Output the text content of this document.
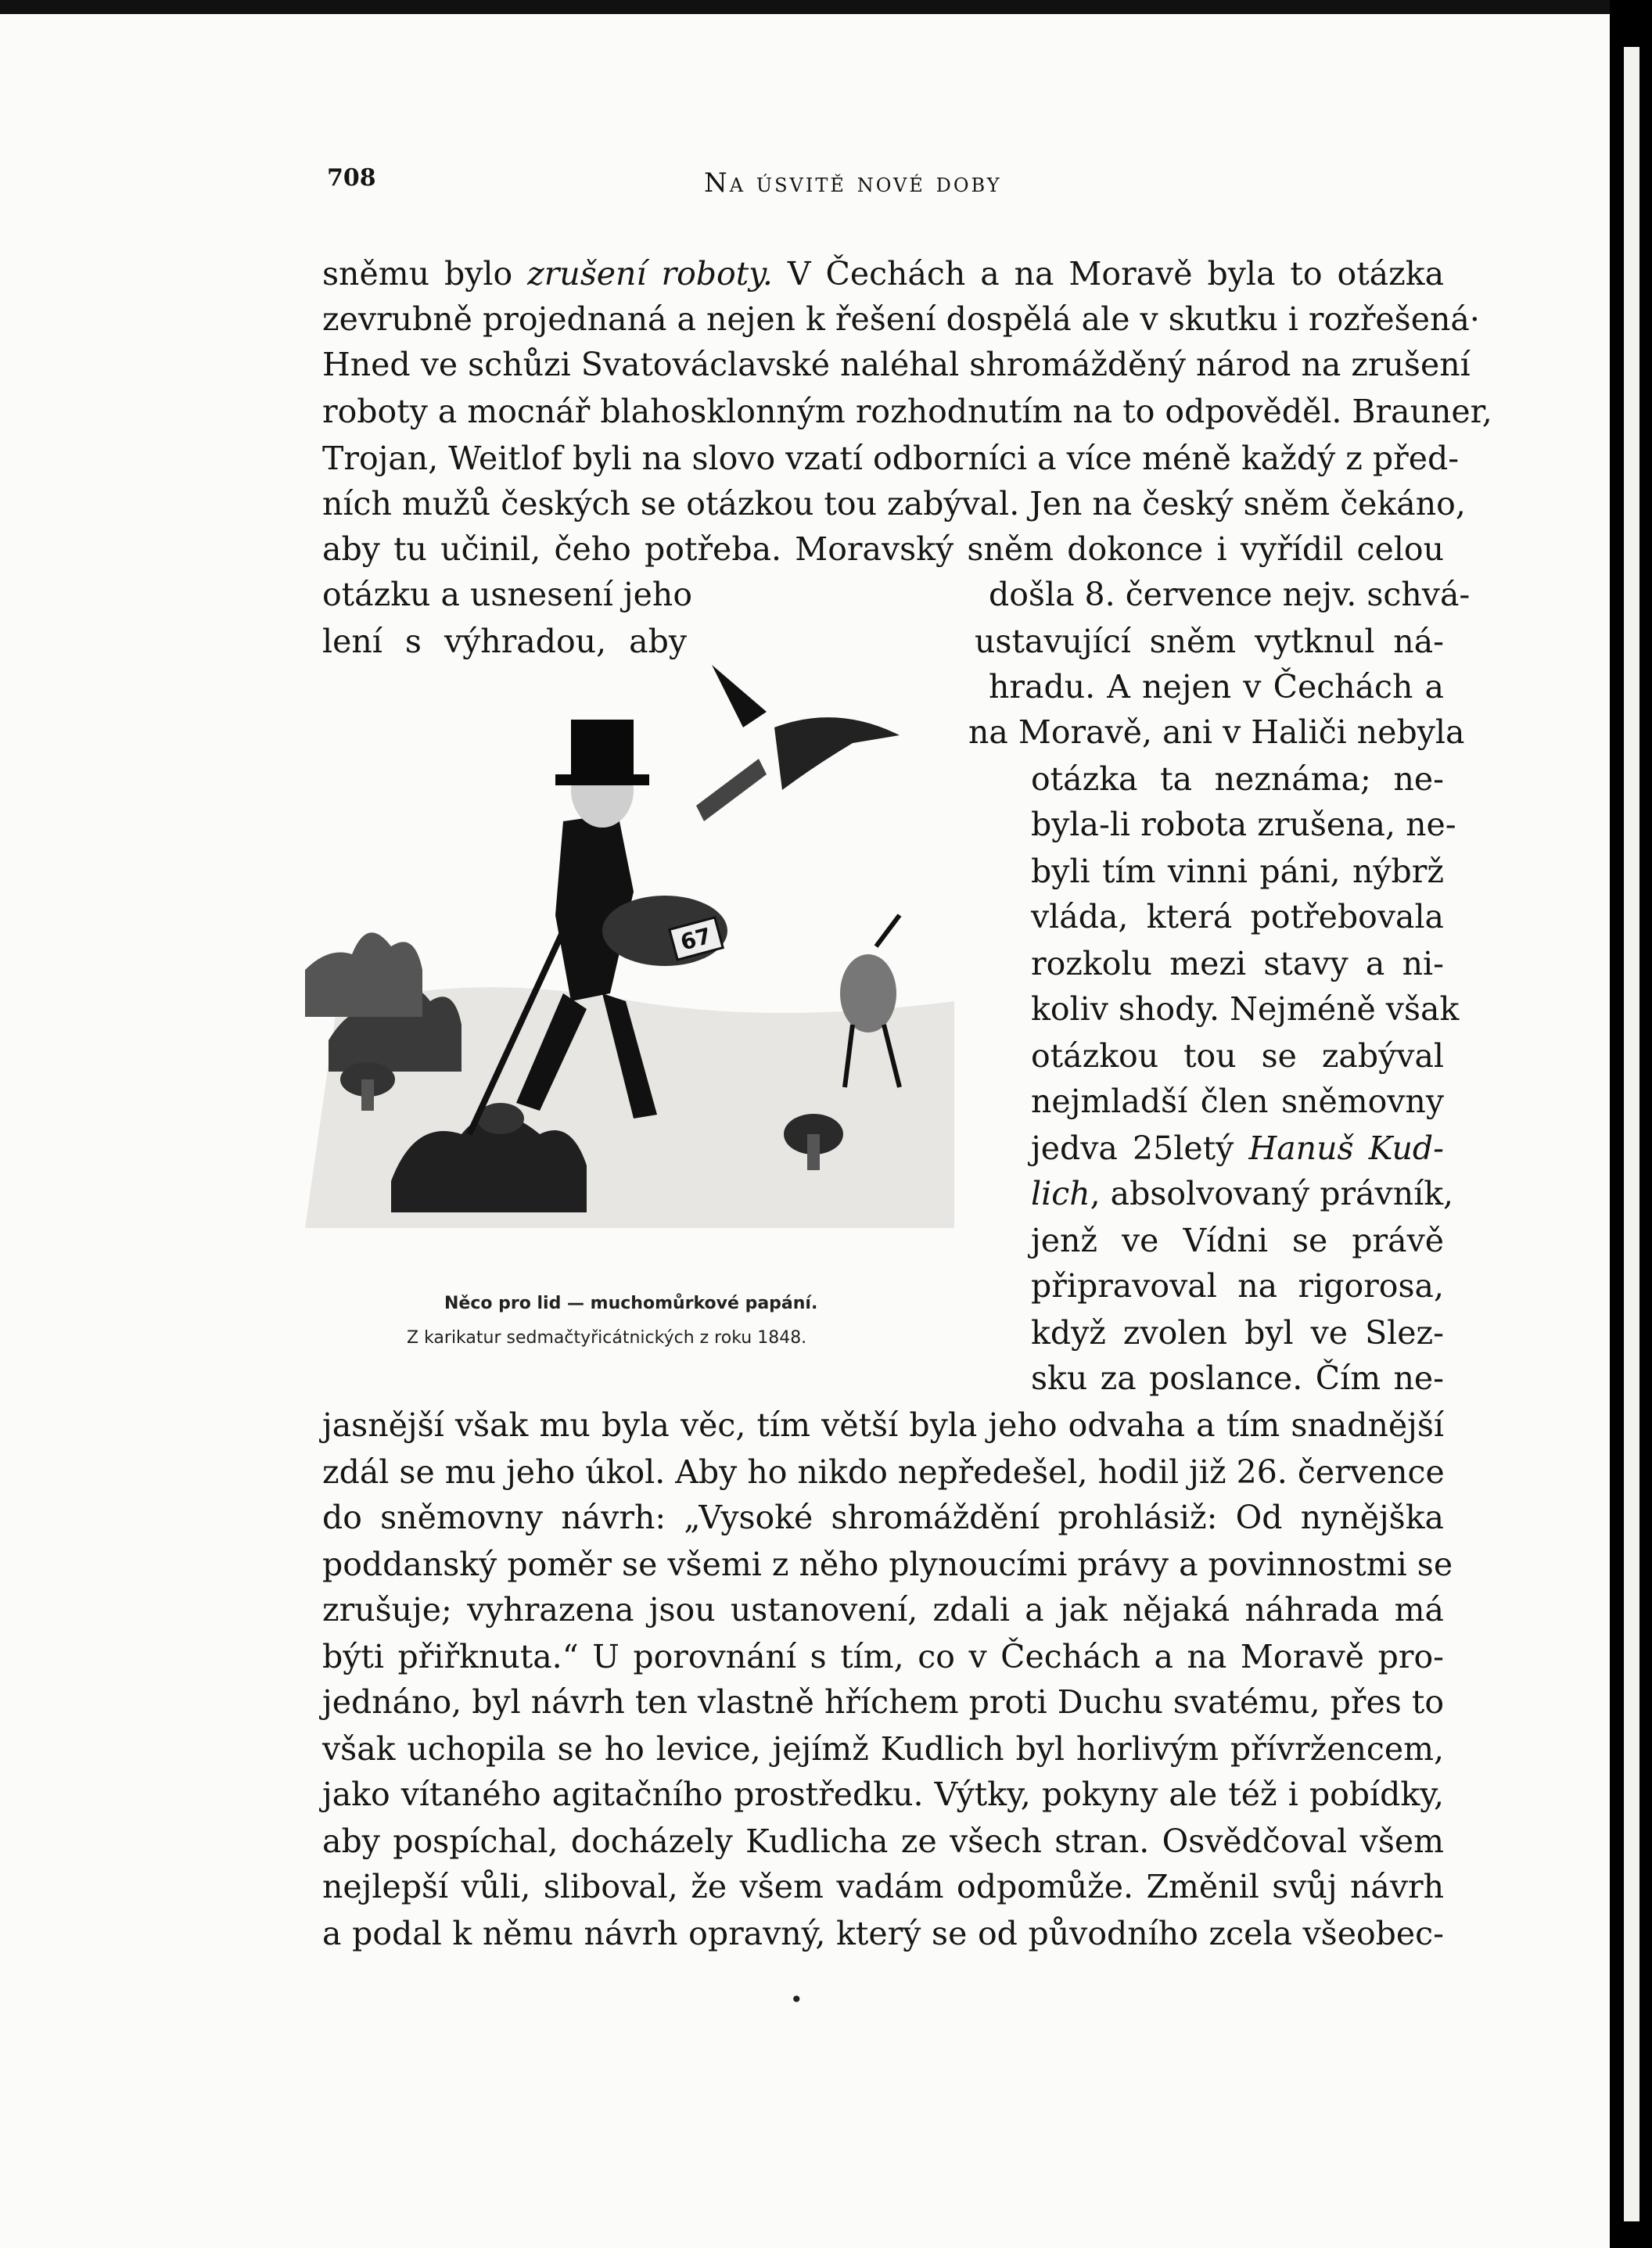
708	Na úsvitě nové doby
sněmu bylo zrušení roboty. V Čechách a na Moravě byla to otázka
zevrubně projednaná a nejen k řešení dospělá ale v skutku i rozřešená·
Hned ve schůzi Svatováclavské naléhal shromážděný národ na zrušení
roboty a mocnář blahosklonným rozhodnutím na to odpověděl. Brauner,
Trojan, Weitlof byli na slovo vzatí odborníci a více méně každý z před-
ních mužů českých se otázkou tou zabýval. Jen na český sněm čekáno,
aby tu učinil, čeho potřeba. Moravský sněm dokonce i vyřídil celou
otázku a usnesení jeho	došla 8. července nejv. schvá-
lení s výhradou, aby	ustavující sněm vytknul ná-
hradu. A nejen v Čechách a
na Moravě, ani v Haliči nebyla
otázka ta neznáma; ne-
byla-li robota zrušena, ne-
byli tím vinni páni, nýbrž
vláda, která potřebovala
rozkolu mezi stavy a ni-
koliv shody. Nejméně však
otázkou tou se zabýval
nejmladší člen sněmovny
jedva 25letý Hanuš Kud-
lich, absolvovaný právník,
jenž ve Vídni se právě
připravoval na rigorosa,
když zvolen byl ve Slez-
sku za poslance. Čím ne-
jasnější však mu byla věc, tím větší byla jeho odvaha a tím snadnější
zdál se mu jeho úkol. Aby ho nikdo nepředešel, hodil již 26. července
do sněmovny návrh: „Vysoké shromáždění prohlásiž: Od nynějška
poddanský poměr se všemi z něho plynoucími právy a povinnostmi se
zrušuje; vyhrazena jsou ustanovení, zdali a jak nějaká náhrada má
býti přiřknuta.“ U porovnání s tím, co v Čechách a na Moravě pro-
jednáno, byl návrh ten vlastně hříchem proti Duchu svatému, přes to
však uchopila se ho levice, jejímž Kudlich byl horlivým přívržencem,
jako vítaného agitačního prostředku. Výtky, pokyny ale též i pobídky,
aby pospíchal, docházely Kudlicha ze všech stran. Osvědčoval všem
nejlepší vůli, sliboval, že všem vadám odpomůže. Změnil svůj návrh
a podal k němu návrh opravný, který se od původního zcela všeobec-
67
Něco pro lid — muchomůrkové papání.
Z karikatur sedmačtyřicátnických z roku 1848.
•
